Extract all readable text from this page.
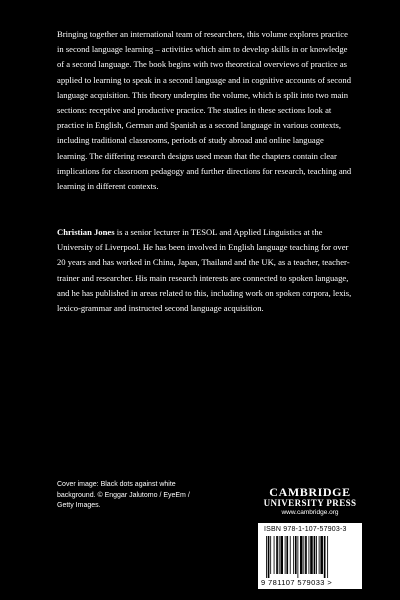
Bringing together an international team of researchers, this volume explores practice in second language learning – activities which aim to develop skills in or knowledge of a second language. The book begins with two theoretical overviews of practice as applied to learning to speak in a second language and in cognitive accounts of second language acquisition. This theory underpins the volume, which is split into two main sections: receptive and productive practice. The studies in these sections look at practice in English, German and Spanish as a second language in various contexts, including traditional classrooms, periods of study abroad and online language learning. The differing research designs used mean that the chapters contain clear implications for classroom pedagogy and further directions for research, teaching and learning in different contexts.

Christian Jones is a senior lecturer in TESOL and Applied Linguistics at the University of Liverpool. He has been involved in English language teaching for over 20 years and has worked in China, Japan, Thailand and the UK, as a teacher, teacher-trainer and researcher. His main research interests are connected to spoken language, and he has published in areas related to this, including work on spoken corpora, lexis, lexico-grammar and instructed second language acquisition.

Cover image: Black dots against white background. © Enggar Jalutomo / EyeEm / Getty Images.

CAMBRIDGE
UNIVERSITY PRESS
www.cambridge.org
ISBN 978-1-107-57903-3
9 781107 579033 >
